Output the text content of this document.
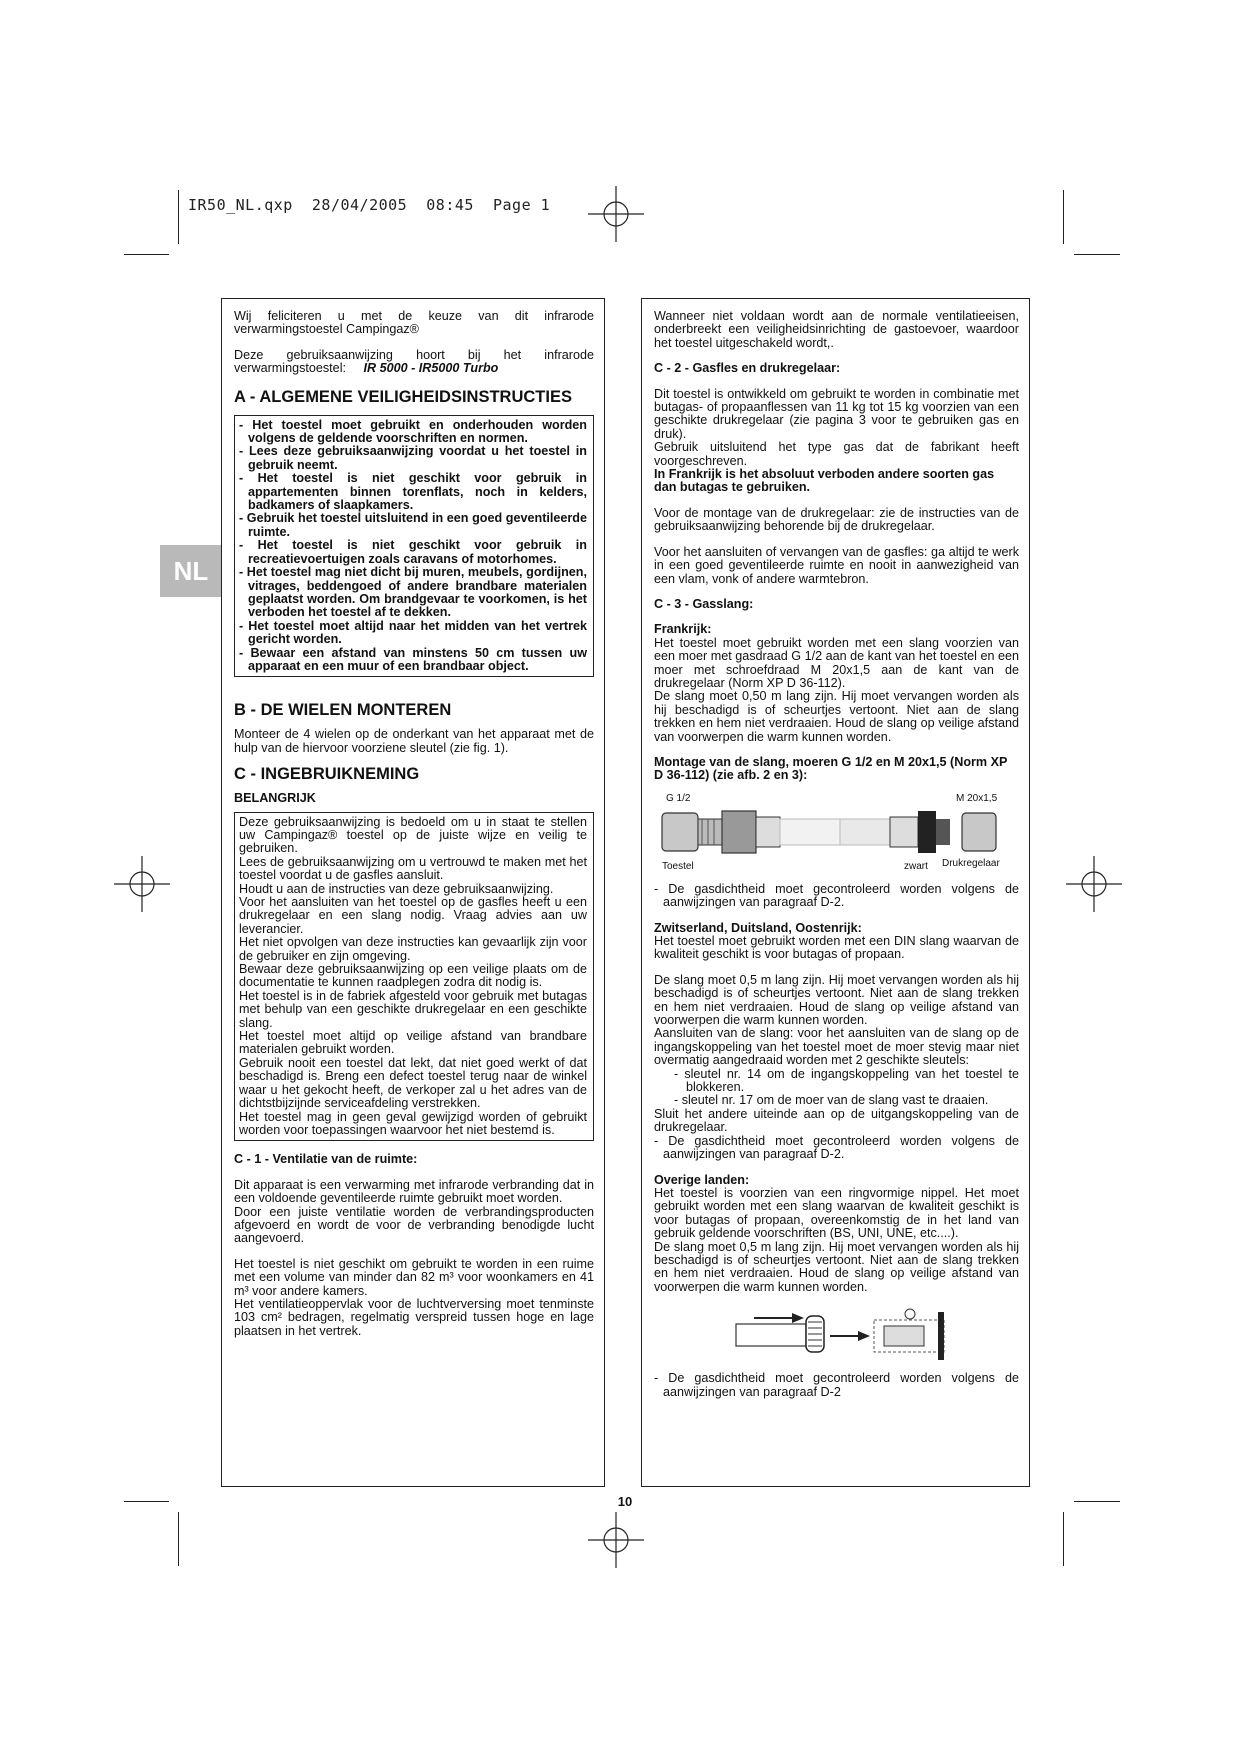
IR50_NL.qxp  28/04/2005  08:45  Page 1
NL

Wij feliciteren u met de keuze van dit infrarode verwarmingstoestel Campingaz®

Deze gebruiksaanwijzing hoort bij het infrarode verwarmingstoestel: IR 5000 - IR5000 Turbo

A - ALGEMENE VEILIGHEIDSINSTRUCTIES

- Het toestel moet gebruikt en onderhouden worden volgens de geldende voorschriften en normen.

- Lees deze gebruiksaanwijzing voordat u het toestel in gebruik neemt.

- Het toestel is niet geschikt voor gebruik in appartementen binnen torenflats, noch in kelders, badkamers of slaapkamers.

- Gebruik het toestel uitsluitend in een goed geventileerde ruimte.

- Het toestel is niet geschikt voor gebruik in recreatievoertuigen zoals caravans of motorhomes.

- Het toestel mag niet dicht bij muren, meubels, gordijnen, vitrages, beddengoed of andere brandbare materialen geplaatst worden. Om brandgevaar te voorkomen, is het verboden het toestel af te dekken.

- Het toestel moet altijd naar het midden van het vertrek gericht worden.

- Bewaar een afstand van minstens 50 cm tussen uw apparaat en een muur of een brandbaar object.

B - DE WIELEN MONTEREN

Monteer de 4 wielen op de onderkant van het apparaat met de hulp van de hiervoor voorziene sleutel (zie fig. 1).

C - INGEBRUIKNEMING

BELANGRIJK

Deze gebruiksaanwijzing is bedoeld om u in staat te stellen uw Campingaz® toestel op de juiste wijze en veilig te gebruiken.

Lees de gebruiksaanwijzing om u vertrouwd te maken met het toestel voordat u de gasfles aansluit.

Houdt u aan de instructies van deze gebruiksaanwijzing.

Voor het aansluiten van het toestel op de gasfles heeft u een drukregelaar en een slang nodig. Vraag advies aan uw leverancier.

Het niet opvolgen van deze instructies kan gevaarlijk zijn voor de gebruiker en zijn omgeving.

Bewaar deze gebruiksaanwijzing op een veilige plaats om de documentatie te kunnen raadplegen zodra dit nodig is.

Het toestel is in de fabriek afgesteld voor gebruik met butagas met behulp van een geschikte drukregelaar en een geschikte slang.

Het toestel moet altijd op veilige afstand van brandbare materialen gebruikt worden.

Gebruik nooit een toestel dat lekt, dat niet goed werkt of dat beschadigd is. Breng een defect toestel terug naar de winkel waar u het gekocht heeft, de verkoper zal u het adres van de dichtstbijzijnde serviceafdeling verstrekken.

Het toestel mag in geen geval gewijzigd worden of gebruikt worden voor toepassingen waarvoor het niet bestemd is.

C - 1 - Ventilatie van de ruimte:

Dit apparaat is een verwarming met infrarode verbranding dat in een voldoende geventileerde ruimte gebruikt moet worden.

Door een juiste ventilatie worden de verbrandingsproducten afgevoerd en wordt de voor de verbranding benodigde lucht aangevoerd.

Het toestel is niet geschikt om gebruikt te worden in een ruime met een volume van minder dan 82 m³ voor woonkamers en 41 m³ voor andere kamers.

Het ventilatieoppervlak voor de luchtverversing moet tenminste 103 cm² bedragen, regelmatig verspreid tussen hoge en lage plaatsen in het vertrek.

Wanneer niet voldaan wordt aan de normale ventilatieeisen, onderbreekt een veiligheidsinrichting de gastoevoer, waardoor het toestel uitgeschakeld wordt,.

C - 2 - Gasfles en drukregelaar:

Dit toestel is ontwikkeld om gebruikt te worden in combinatie met butagas- of propaanflessen van 11 kg tot 15 kg voorzien van een geschikte drukregelaar (zie pagina 3 voor te gebruiken gas en druk).

Gebruik uitsluitend het type gas dat de fabrikant heeft voorgeschreven.

In Frankrijk is het absoluut verboden andere soorten gas dan butagas te gebruiken.

Voor de montage van de drukregelaar: zie de instructies van de gebruiksaanwijzing behorende bij de drukregelaar.

Voor het aansluiten of vervangen van de gasfles: ga altijd te werk in een goed geventileerde ruimte en nooit in aanwezigheid van een vlam, vonk of andere warmtebron.

C - 3 - Gasslang:

Frankrijk:

Het toestel moet gebruikt worden met een slang voorzien van een moer met gasdraad G 1/2 aan de kant van het toestel en een moer met schroefdraad M 20x1,5 aan de kant van de drukregelaar (Norm XP D 36-112).

De slang moet 0,50 m lang zijn. Hij moet vervangen worden als hij beschadigd is of scheurtjes vertoont. Niet aan de slang trekken en hem niet verdraaien. Houd de slang op veilige afstand van voorwerpen die warm kunnen worden.

Montage van de slang, moeren G 1/2 en M 20x1,5 (Norm XP D 36-112) (zie afb. 2 en 3):

G 1/2	M 20x1,5
Toestel	zwart Drukregelaar

- De gasdichtheid moet gecontroleerd worden volgens de aanwijzingen van paragraaf D-2.

Zwitserland, Duitsland, Oostenrijk:

Het toestel moet gebruikt worden met een DIN slang waarvan de kwaliteit geschikt is voor butagas of propaan.

De slang moet 0,5 m lang zijn. Hij moet vervangen worden als hij beschadigd is of scheurtjes vertoont. Niet aan de slang trekken en hem niet verdraaien. Houd de slang op veilige afstand van voorwerpen die warm kunnen worden.

Aansluiten van de slang: voor het aansluiten van de slang op de ingangskoppeling van het toestel moet de moer stevig maar niet overmatig aangedraaid worden met 2 geschikte sleutels:

- sleutel nr. 14 om de ingangskoppeling van het toestel te blokkeren.

- sleutel nr. 17 om de moer van de slang vast te draaien.

Sluit het andere uiteinde aan op de uitgangskoppeling van de drukregelaar.

- De gasdichtheid moet gecontroleerd worden volgens de aanwijzingen van paragraaf D-2.

Overige landen:

Het toestel is voorzien van een ringvormige nippel. Het moet gebruikt worden met een slang waarvan de kwaliteit geschikt is voor butagas of propaan, overeenkomstig de in het land van gebruik geldende voorschriften (BS, UNI, UNE, etc....).

De slang moet 0,5 m lang zijn. Hij moet vervangen worden als hij beschadigd is of scheurtjes vertoont. Niet aan de slang trekken en hem niet verdraaien. Houd de slang op veilige afstand van voorwerpen die warm kunnen worden.

- De gasdichtheid moet gecontroleerd worden volgens de aanwijzingen van paragraaf D-2

10
